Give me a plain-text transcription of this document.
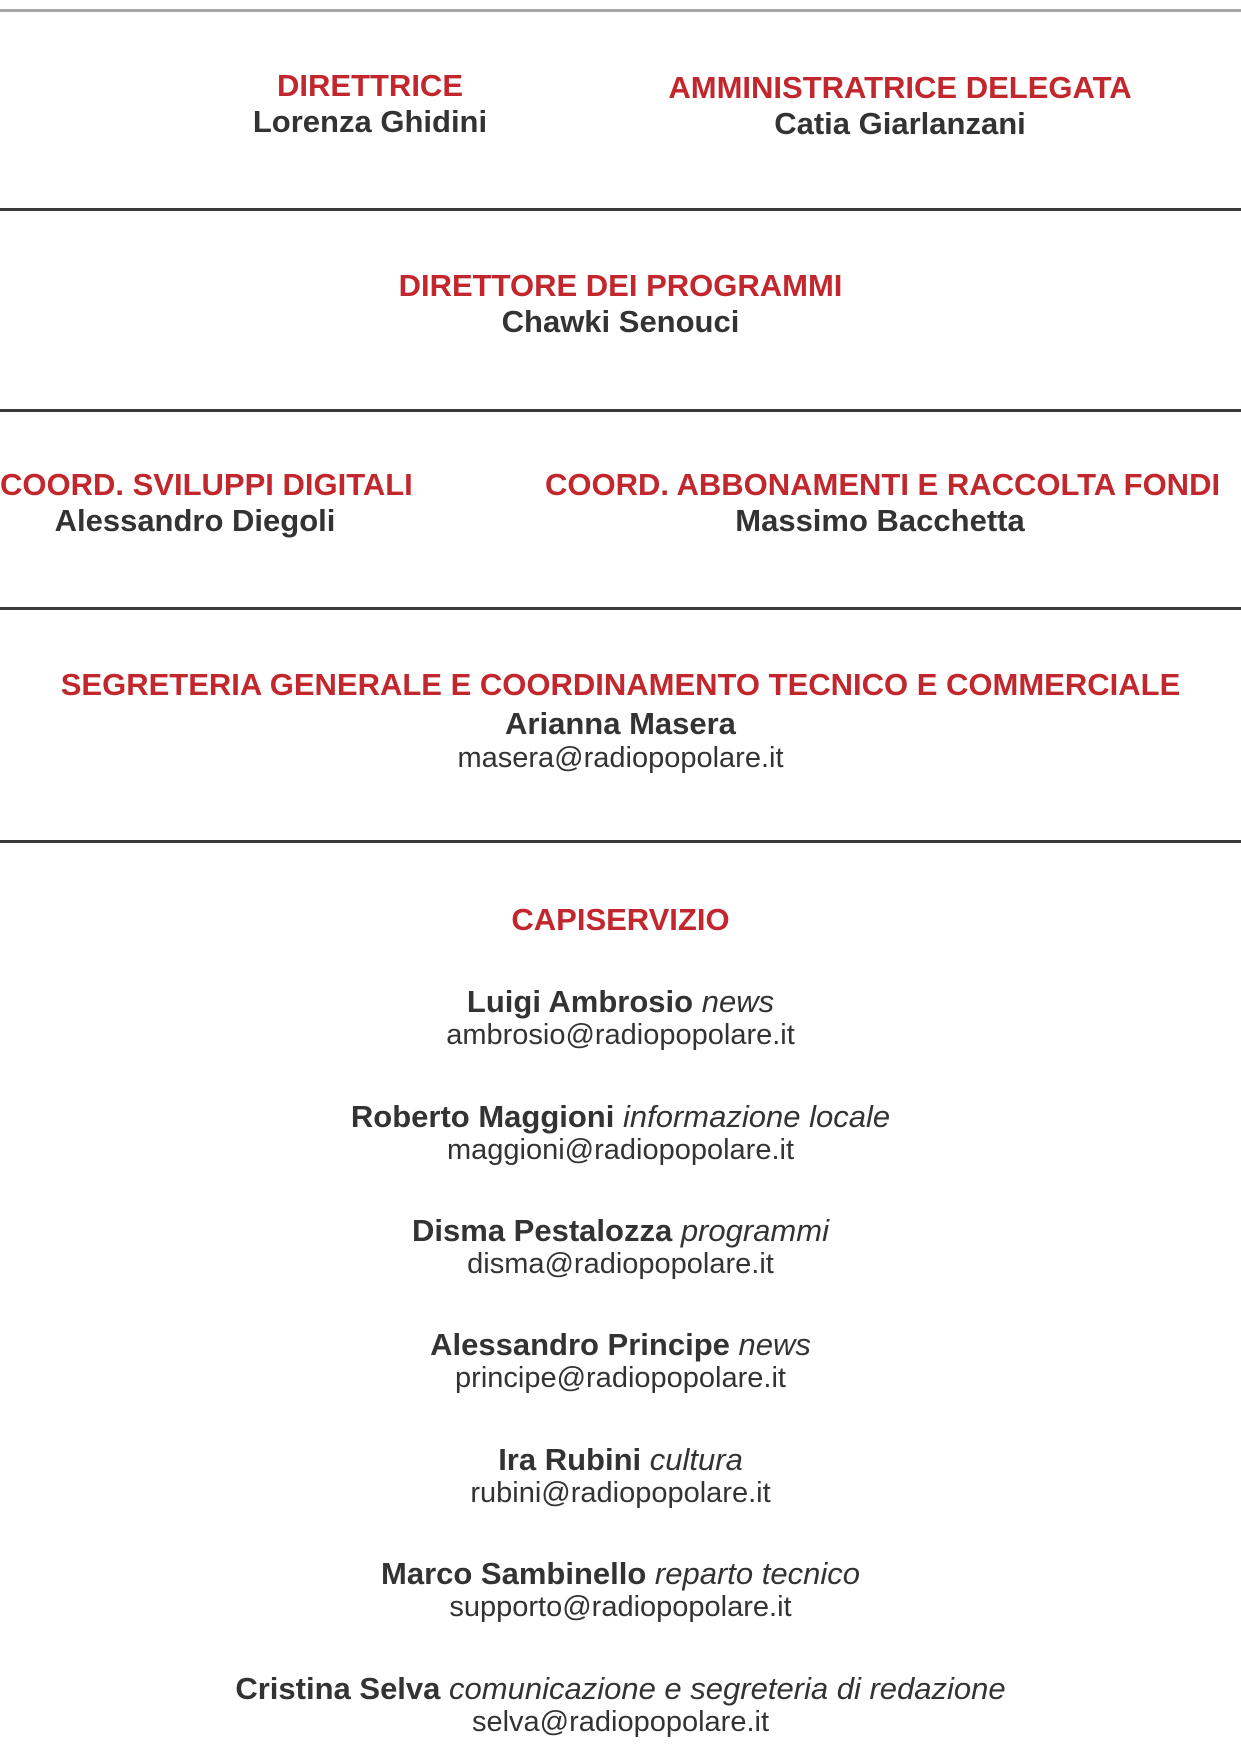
DIRETTRICE
Lorenza Ghidini
AMMINISTRATRICE DELEGATA
Catia Giarlanzani
DIRETTORE DEI PROGRAMMI
Chawki Senouci
COORD. SVILUPPI DIGITALI
Alessandro Diegoli
COORD. ABBONAMENTI E RACCOLTA FONDI
Massimo Bacchetta
SEGRETERIA GENERALE E COORDINAMENTO TECNICO E COMMERCIALE
Arianna Masera
masera@radiopopolare.it
CAPISERVIZIO
Luigi Ambrosio news
ambrosio@radiopopolare.it
Roberto Maggioni informazione locale
maggioni@radiopopolare.it
Disma Pestalozza programmi
disma@radiopopolare.it
Alessandro Principe news
principe@radiopopolare.it
Ira Rubini cultura
rubini@radiopopolare.it
Marco Sambinello reparto tecnico
supporto@radiopopolare.it
Cristina Selva comunicazione e segreteria di redazione
selva@radiopopolare.it
